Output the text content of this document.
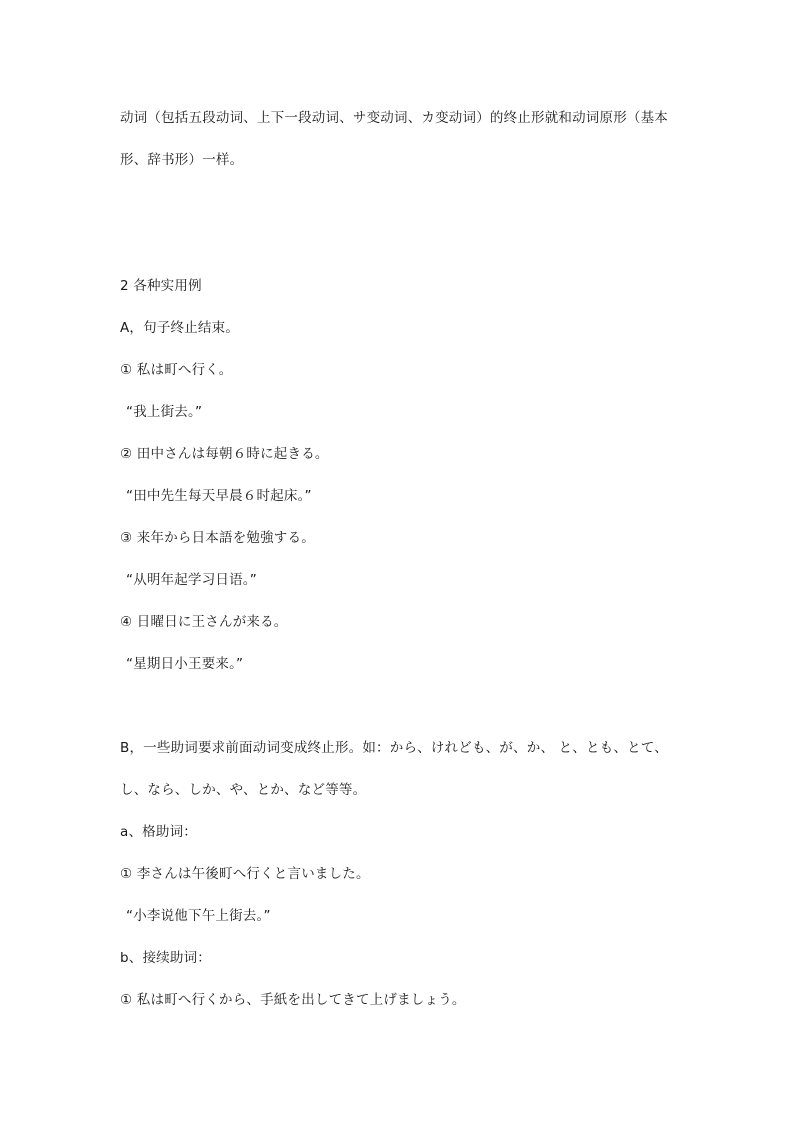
动词（包括五段动词、上下一段动词、サ变动词、カ变动词）的终止形就和动词原形（基本
形、辞书形）一样。
2 各种实用例
A，句子终止结束。
① 私は町へ行く。
“我上街去。”
② 田中さんは每朝６時に起きる。
“田中先生每天早晨６时起床。”
③ 来年から日本語を勉強する。
“从明年起学习日语。”
④ 日曜日に王さんが来る。
“星期日小王要来。”
B，一些助词要求前面动词变成终止形。如：から、けれども、が、か、 と、とも、とて、
し、なら、しか、や、とか、など等等。
a、格助词：
① 李さんは午後町へ行くと言いました。
“小李说他下午上街去。”
b、接续助词：
① 私は町へ行くから、手紙を出してきて上げましょう。
